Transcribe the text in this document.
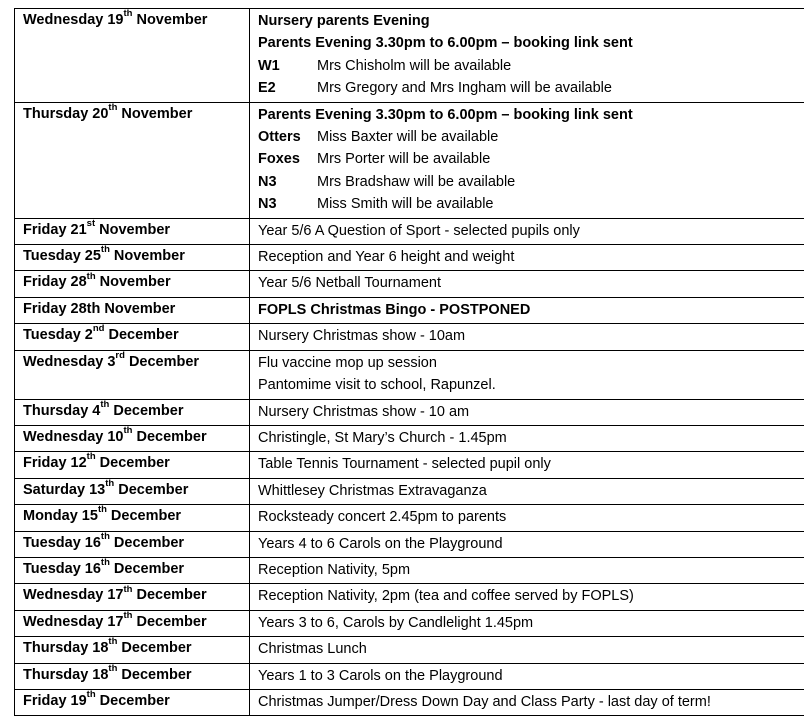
Wednesday 19th November	Nursery parents Evening
Parents Evening 3.30pm to 6.00pm – booking link sent
W1 Mrs Chisholm will be available
E2 Mrs Gregory and Mrs Ingham will be available

Thursday 20th November	Parents Evening 3.30pm to 6.00pm – booking link sent
Otters Miss Baxter will be available
Foxes Mrs Porter will be available
N3 Mrs Bradshaw will be available
N3 Miss Smith will be available

Friday 21st November	Year 5/6 A Question of Sport - selected pupils only

Tuesday 25th November	Reception and Year 6 height and weight

Friday 28th November	Year 5/6 Netball Tournament

Friday 28th November	FOPLS Christmas Bingo - POSTPONED

Tuesday 2nd December	Nursery Christmas show - 10am

Wednesday 3rd December	Flu vaccine mop up session
Pantomime visit to school, Rapunzel.

Thursday 4th December	Nursery Christmas show - 10 am

Wednesday 10th December	Christingle, St Mary’s Church - 1.45pm

Friday 12th December	Table Tennis Tournament - selected pupil only

Saturday 13th December	Whittlesey Christmas Extravaganza

Monday 15th December	Rocksteady concert 2.45pm to parents

Tuesday 16th December	Years 4 to 6 Carols on the Playground

Tuesday 16th December	Reception Nativity, 5pm

Wednesday 17th December	Reception Nativity, 2pm (tea and coffee served by FOPLS)

Wednesday 17th December	Years 3 to 6, Carols by Candlelight 1.45pm

Thursday 18th December	Christmas Lunch

Thursday 18th December	Years 1 to 3 Carols on the Playground

Friday 19th December	Christmas Jumper/Dress Down Day and Class Party - last day of term!
